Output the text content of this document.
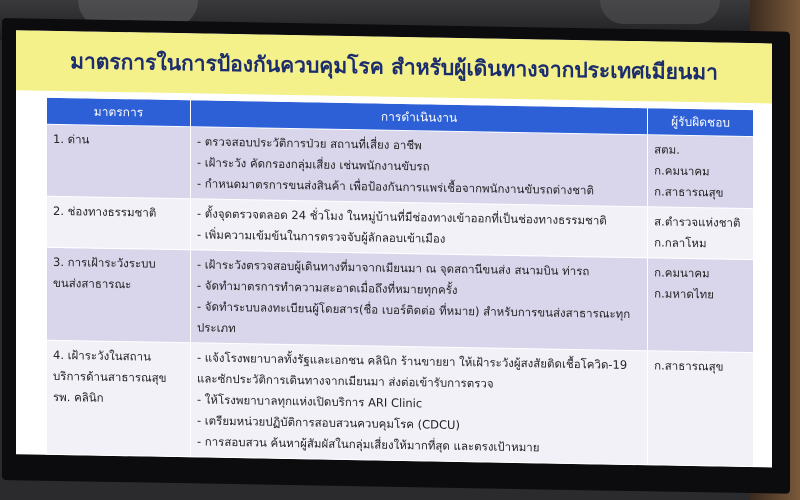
มาตรการในการป้องกันควบคุมโรค สำหรับผู้เดินทางจากประเทศเมียนมา
มาตรการ	การดำเนินงาน	ผู้รับผิดชอบ
1. ด่าน	- ตรวจสอบประวัติการป่วย สถานที่เสี่ยง อาชีพ
- เฝ้าระวัง คัดกรองกลุ่มเสี่ยง เช่นพนักงานขับรถ
- กำหนดมาตรการขนส่งสินค้า เพื่อป้องกันการแพร่เชื้อจากพนักงานขับรถต่างชาติ	สตม.
ก.คมนาคม
ก.สาธารณสุข

2. ช่องทางธรรมชาติ	- ตั้งจุดตรวจตลอด 24 ชั่วโมง ในหมู่บ้านที่มีช่องทางเข้าออกที่เป็นช่องทางธรรมชาติ
- เพิ่มความเข้มข้นในการตรวจจับผู้ลักลอบเข้าเมือง	ส.ตำรวจแห่งชาติ
ก.กลาโหม

3. การเฝ้าระวังระบบขนส่งสาธารณะ	- เฝ้าระวังตรวจสอบผู้เดินทางที่มาจากเมียนมา ณ จุดสถานีขนส่ง สนามบิน ท่ารถ
- จัดทำมาตรการทำความสะอาดเมื่อถึงที่หมายทุกครั้ง
- จัดทำระบบลงทะเบียนผู้โดยสาร(ชื่อ เบอร์ติดต่อ ที่หมาย) สำหรับการขนส่งสาธารณะทุกประเภท	ก.คมนาคม
ก.มหาดไทย

4. เฝ้าระวังในสถานบริการด้านสาธารณสุข รพ. คลินิก	- แจ้งโรงพยาบาลทั้งรัฐและเอกชน คลินิก ร้านขายยา ให้เฝ้าระวังผู้สงสัยติดเชื้อโควิด-19 และซักประวัติการเดินทางจากเมียนมา ส่งต่อเข้ารับการตรวจ
- ให้โรงพยาบาลทุกแห่งเปิดบริการ ARI Clinic
- เตรียมหน่วยปฏิบัติการสอบสวนควบคุมโรค (CDCU)
- การสอบสวน ค้นหาผู้สัมผัสในกลุ่มเสี่ยงให้มากที่สุด และตรงเป้าหมาย	ก.สาธารณสุข
